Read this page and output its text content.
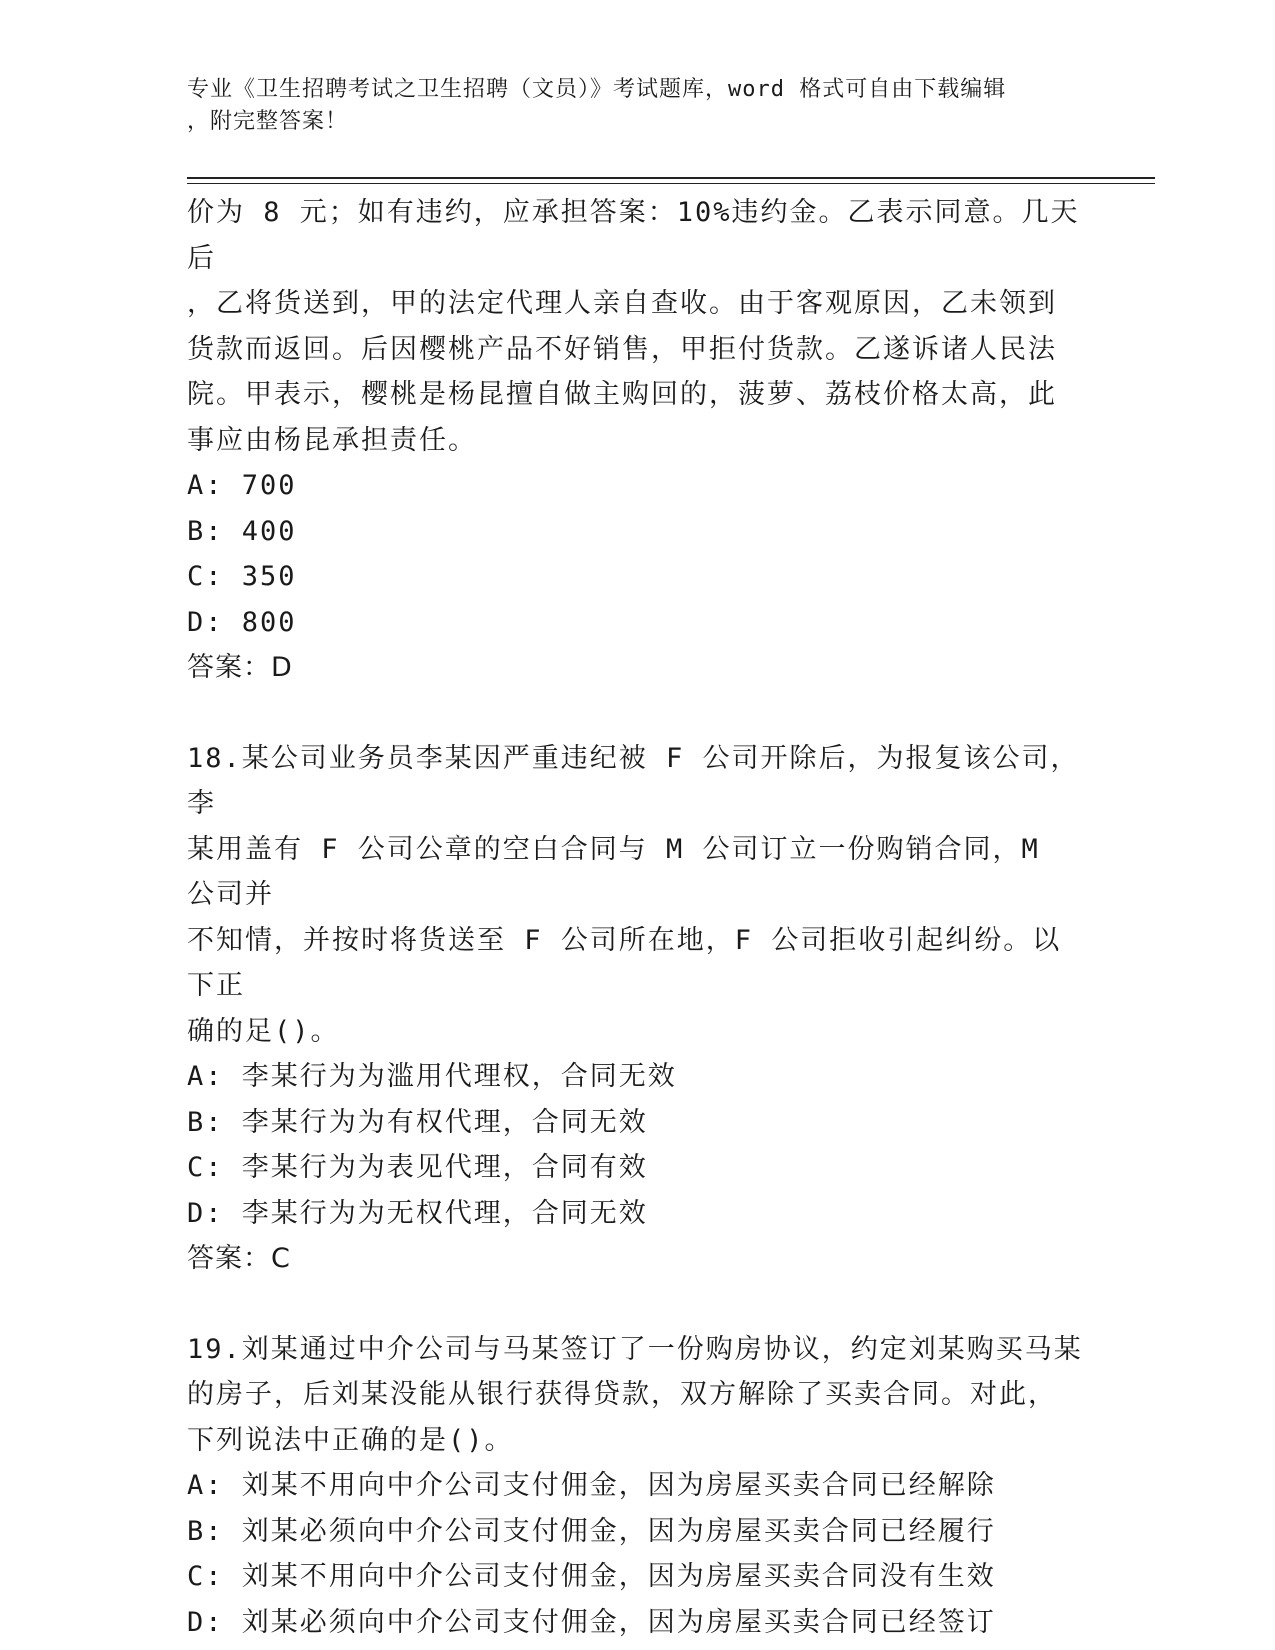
专业《卫生招聘考试之卫生招聘（文员）》考试题库，word 格式可自由下载编辑
，附完整答案！

价为 8 元；如有违约，应承担答案：10%违约金。乙表示同意。几天后

，乙将货送到，甲的法定代理人亲自查收。由于客观原因，乙未领到

货款而返回。后因樱桃产品不好销售，甲拒付货款。乙遂诉诸人民法

院。甲表示，樱桃是杨昆擅自做主购回的，菠萝、荔枝价格太高，此

事应由杨昆承担责任。

A: 700

B: 400

C: 350

D: 800

答案：D

18.某公司业务员李某因严重违纪被 F 公司开除后，为报复该公司，李

某用盖有 F 公司公章的空白合同与 M 公司订立一份购销合同，M 公司并

不知情，并按时将货送至 F 公司所在地，F 公司拒收引起纠纷。以下正

确的足()。

A: 李某行为为滥用代理权，合同无效

B: 李某行为为有权代理，合同无效

C: 李某行为为表见代理，合同有效

D: 李某行为为无权代理，合同无效

答案：C

19.刘某通过中介公司与马某签订了一份购房协议，约定刘某购买马某

的房子，后刘某没能从银行获得贷款，双方解除了买卖合同。对此，

下列说法中正确的是()。

A: 刘某不用向中介公司支付佣金，因为房屋买卖合同已经解除

B: 刘某必须向中介公司支付佣金，因为房屋买卖合同已经履行

C: 刘某不用向中介公司支付佣金，因为房屋买卖合同没有生效

D: 刘某必须向中介公司支付佣金，因为房屋买卖合同已经签订
